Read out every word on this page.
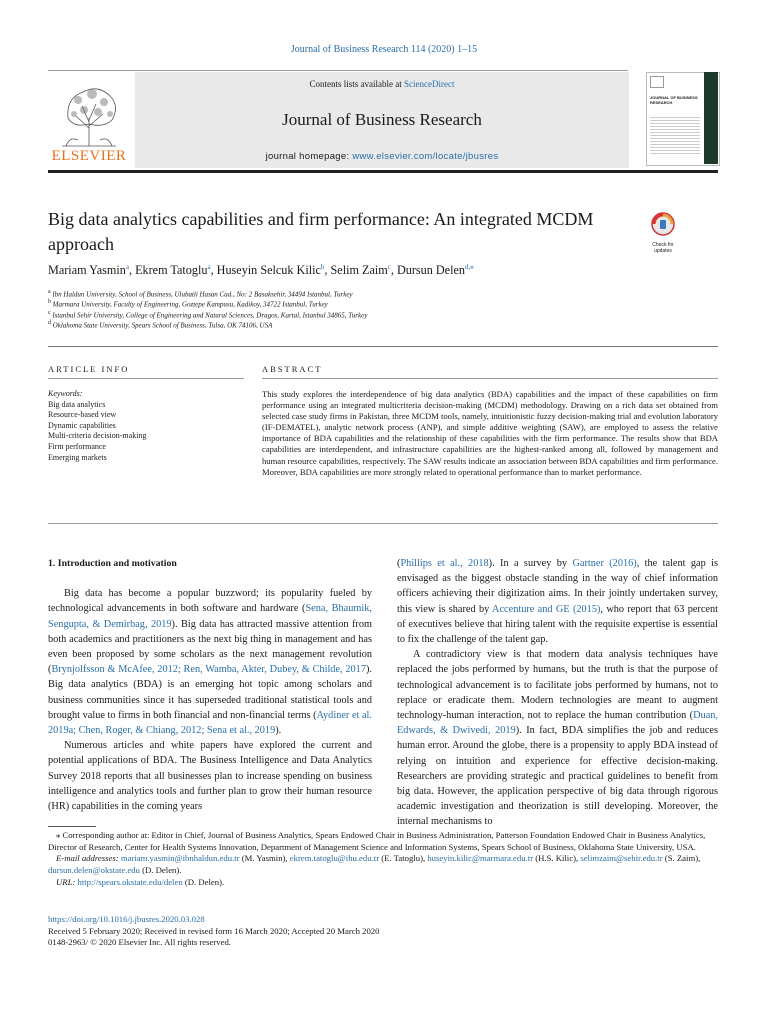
Journal of Business Research 114 (2020) 1–15
ELSEVIER
Contents lists available at ScienceDirect
Journal of Business Research
journal homepage: www.elsevier.com/locate/jbusres
JOURNAL OF BUSINESS RESEARCH
Big data analytics capabilities and firm performance: An integrated MCDM approach	Check for updates
Mariam Yasmin$^a$, Ekrem Tatoglu$^a$, Huseyin Selcuk Kilic$^b$, Selim Zaim$^c$, Dursun Delen$^{d,⁎}$
$^a$ Ibn Haldun University, School of Business, Ulubatli Hasan Cad., No: 2 Basaksehir, 34494 Istanbul, Turkey
$^b$ Marmara University, Faculty of Engineering, Goztepe Kampusu, Kadikoy, 34722 Istanbul, Turkey
$^c$ Istanbul Sehir University, College of Engineering and Natural Sciences, Dragos, Kartal, Istanbul 34865, Turkey
$^d$ Oklahoma State University, Spears School of Business, Tulsa, OK 74106, USA
ARTICLE INFO	ABSTRACT
Keywords:
Big data analytics
Resource-based view
Dynamic capabilities
Multi-criteria decision-making
Firm performance
Emerging markets
This study explores the interdependence of big data analytics (BDA) capabilities and the impact of these capabilities on firm performance using an integrated multicriteria decision-making (MCDM) methodology. Drawing on a rich data set obtained from selected case study firms in Pakistan, three MCDM tools, namely, intuitionistic fuzzy decision-making trial and evolution laboratory (IF-DEMATEL), analytic network process (ANP), and simple additive weighting (SAW), are employed to assess the relative importance of BDA capabilities and the relationship of these capabilities with the firm performance. The results show that BDA capabilities are interdependent, and infrastructure capabilities are the highest-ranked among all, followed by management and human resource capabilities, respectively. The SAW results indicate an association between BDA capabilities and firm performance. Moreover, BDA capabilities are more strongly related to operational performance than to market performance.
1. Introduction and motivation

Big data has become a popular buzzword; its popularity fueled by technological advancements in both software and hardware (Sena, Bhaumik, Sengupta, & Demirbag, 2019). Big data has attracted massive attention from both academics and practitioners as the next big thing in management and has even been proposed by some scholars as the next management revolution (Brynjolfsson & McAfee, 2012; Ren, Wamba, Akter, Dubey, & Childe, 2017). Big data analytics (BDA) is an emerging hot topic among scholars and business communities since it has superseded traditional statistical tools and brought value to firms in both financial and non-financial terms (Aydiner et al. 2019a; Chen, Roger, & Chiang, 2012; Sena et al., 2019).

Numerous articles and white papers have explored the current and potential applications of BDA. The Business Intelligence and Data Analytics Survey 2018 reports that all businesses plan to increase spending on business intelligence and analytics tools and further plan to grow their human resource (HR) capabilities in the coming years

(Phillips et al., 2018). In a survey by Gartner (2016), the talent gap is envisaged as the biggest obstacle standing in the way of chief information officers achieving their digitization aims. In their jointly undertaken survey, this view is shared by Accenture and GE (2015), who report that 63 percent of executives believe that hiring talent with the requisite expertise is essential to fix the challenge of the talent gap.

A contradictory view is that modern data analysis techniques have replaced the jobs performed by humans, but the truth is that the purpose of technological advancement is to facilitate jobs performed by humans, not to replace or eradicate them. Modern technologies are meant to augment technology-human interaction, not to replace the human contribution (Duan, Edwards, & Dwivedi, 2019). In fact, BDA simplifies the job and reduces human error. Around the globe, there is a propensity to apply BDA instead of relying on intuition and experience for effective decision-making. Researchers are providing strategic and practical guidelines to benefit from big data. However, the application perspective of big data through rigorous academic investigation and theorization is still developing. Moreover, the internal mechanisms to

⁎ Corresponding author at: Editor in Chief, Journal of Business Analytics, Spears Endowed Chair in Business Administration, Patterson Foundation Endowed Chair in Business Analytics, Director of Research, Center for Health Systems Innovation, Department of Management Science and Information Systems, Spears School of Business, Oklahoma State University, USA.
E-mail addresses: mariam.yasmin@ibnhaldun.edu.tr (M. Yasmin), ekrem.tatoglu@ihu.edu.tr (E. Tatoglu), huseyin.kilic@marmara.edu.tr (H.S. Kilic), selimzaim@sehir.edu.tr (S. Zaim), dursun.delen@okstate.edu (D. Delen).
URL: http://spears.okstate.edu/delen (D. Delen).
https://doi.org/10.1016/j.jbusres.2020.03.028
Received 5 February 2020; Received in revised form 16 March 2020; Accepted 20 March 2020
0148-2963/ © 2020 Elsevier Inc. All rights reserved.
